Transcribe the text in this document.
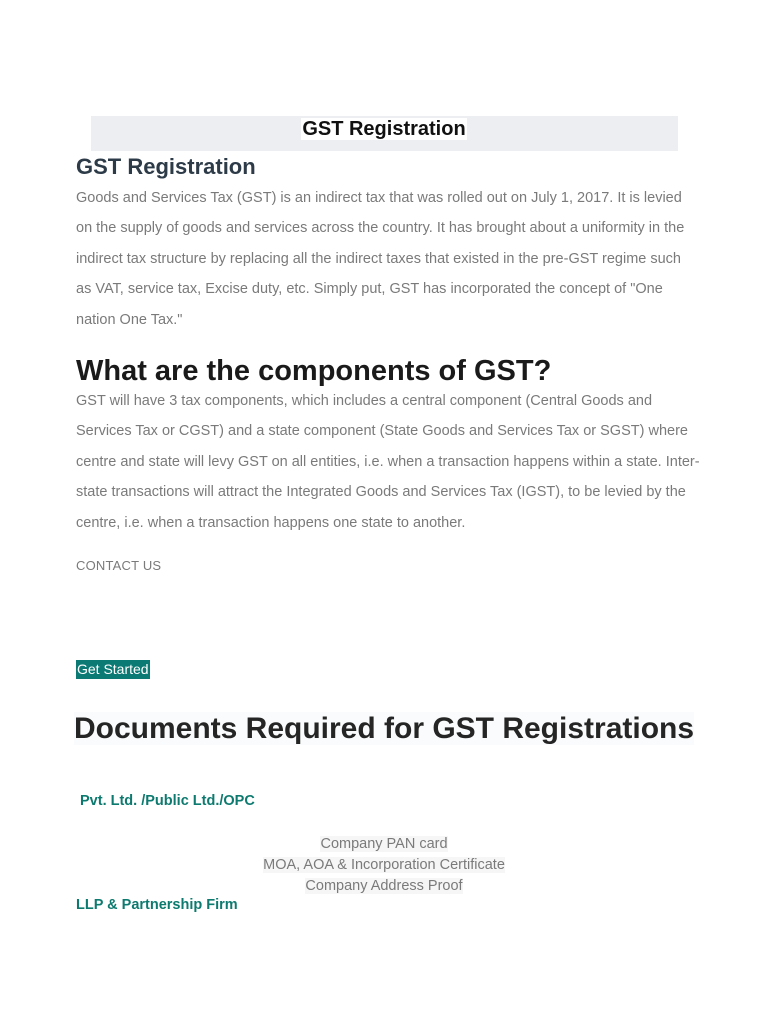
GST Registration
GST Registration

Goods and Services Tax (GST) is an indirect tax that was rolled out on July 1, 2017. It is levied on the supply of goods and services across the country. It has brought about a uniformity in the indirect tax structure by replacing all the indirect taxes that existed in the pre-GST regime such as VAT, service tax, Excise duty, etc. Simply put, GST has incorporated the concept of "One nation One Tax."

What are the components of GST?

GST will have 3 tax components, which includes a central component (Central Goods and Services Tax or CGST) and a state component (State Goods and Services Tax or SGST) where centre and state will levy GST on all entities, i.e. when a transaction happens within a state. Inter-state transactions will attract the Integrated Goods and Services Tax (IGST), to be levied by the centre, i.e. when a transaction happens one state to another.

CONTACT US
Get Started
Documents Required for GST Registrations
Pvt. Ltd. /Public Ltd./OPC
Company PAN card
MOA, AOA & Incorporation Certificate
Company Address Proof
LLP & Partnership Firm
